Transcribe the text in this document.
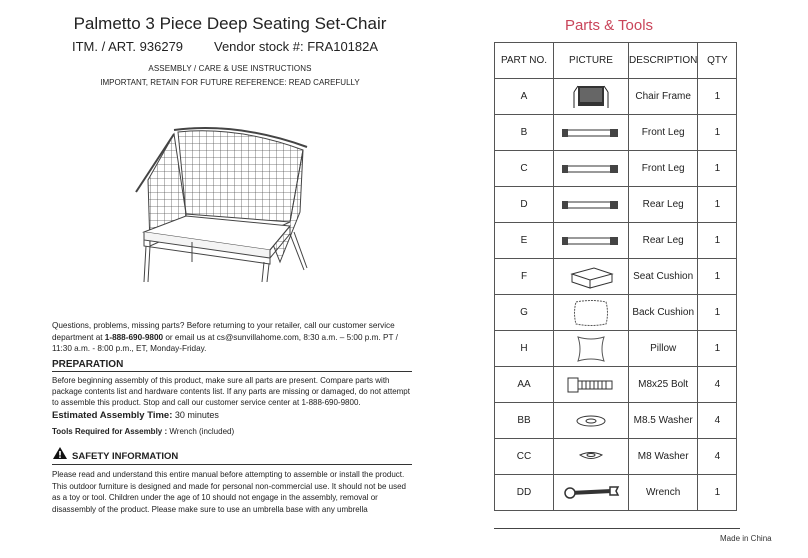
Palmetto 3 Piece Deep Seating Set-Chair
ITM. / ART. 936279 Vendor stock #: FRA10182A
ASSEMBLY / CARE & USE INSTRUCTIONS
IMPORTANT, RETAIN FOR FUTURE REFERENCE: READ CAREFULLY
Questions, problems, missing parts? Before returning to your retailer, call our customer service department at 1-888-690-9800 or email us at cs@sunvillahome.com, 8:30 a.m. – 5:00 p.m. PT / 11:30 a.m. - 8:00 p.m., ET, Monday-Friday.
PREPARATION
Before beginning assembly of this product, make sure all parts are present. Compare parts with package contents list and hardware contents list. If any parts are missing or damaged, do not attempt to assemble this product. Stop and call our customer service center at 1-888-690-9800.
Estimated Assembly Time: 30 minutes
Tools Required for Assembly : Wrench (included)
SAFETY INFORMATION
Please read and understand this entire manual before attempting to assemble or install the product. This outdoor furniture is designed and made for personal non-commercial use. It should not be used as a toy or tool. Children under the age of 10 should not engage in the assembly, removal or disassembly of the product. Please make sure to use an umbrella base with any umbrella
Parts & Tools
PART NO.	PICTURE	DESCRIPTION	QTY
A		Chair Frame	1
B		Front Leg	1
C		Front Leg	1
D		Rear Leg	1
E		Rear Leg	1
F		Seat Cushion	1
G		Back Cushion	1
H		Pillow	1
AA		M8x25 Bolt	4
BB		M8.5 Washer	4
CC		M8 Washer	4
DD		Wrench	1
Made in China
